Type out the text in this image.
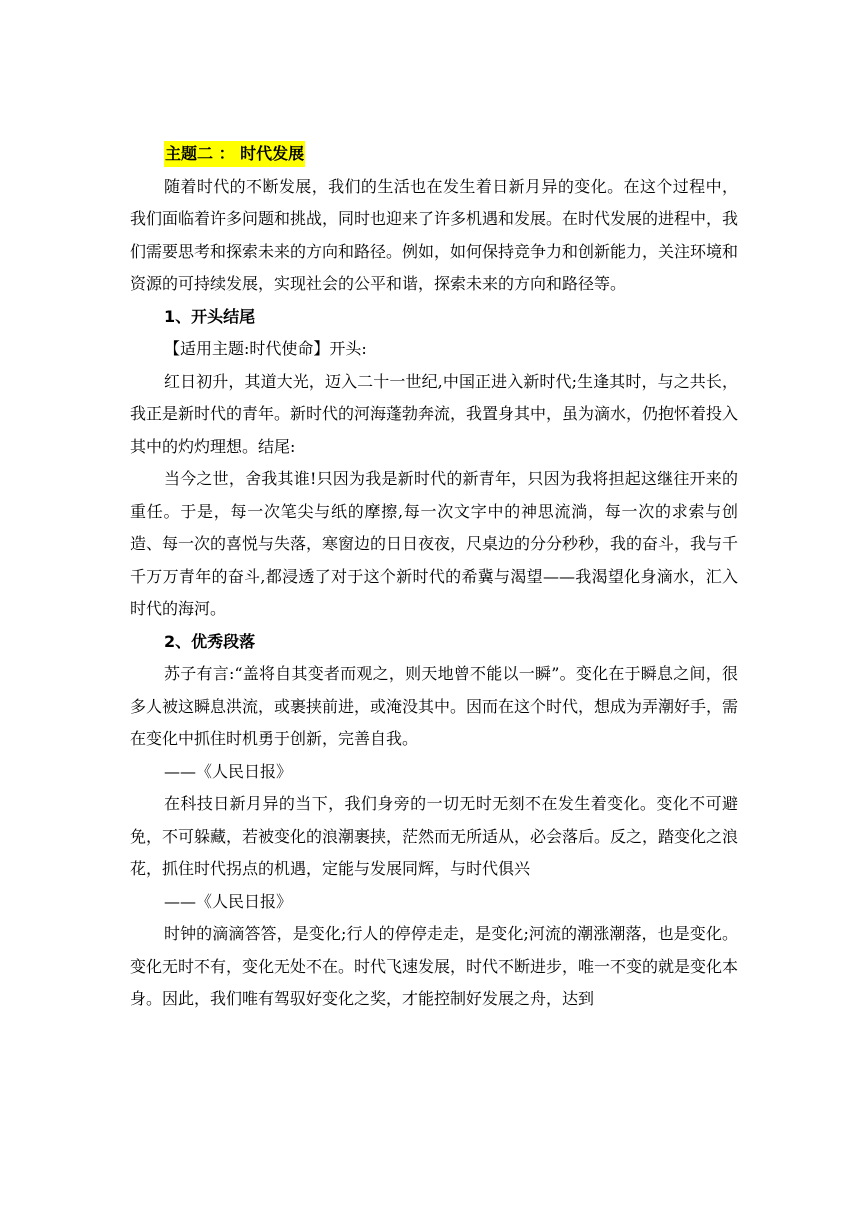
主题二 ： 时代发展

随着时代的不断发展，我们的生活也在发生着日新月异的变化。在这个过程中，我们面临着许多问题和挑战，同时也迎来了许多机遇和发展。在时代发展的进程中，我们需要思考和探索未来的方向和路径。例如，如何保持竞争力和创新能力，关注环境和资源的可持续发展，实现社会的公平和谐，探索未来的方向和路径等。

1、开头结尾

【适用主题:时代使命】开头:

红日初升，其道大光，迈入二十一世纪,中国正进入新时代;生逢其时，与之共长，我正是新时代的青年。新时代的河海蓬勃奔流，我置身其中，虽为滴水，仍抱怀着投入其中的灼灼理想。结尾:

当今之世，舍我其谁!只因为我是新时代的新青年，只因为我将担起这继往开来的重任。于是，每一次笔尖与纸的摩擦,每一次文字中的神思流淌，每一次的求索与创造、每一次的喜悦与失落，寒窗边的日日夜夜，尺桌边的分分秒秒，我的奋斗，我与千千万万青年的奋斗,都浸透了对于这个新时代的希冀与渴望——我渴望化身滴水，汇入时代的海河。

2、优秀段落

苏子有言:“盖将自其变者而观之，则天地曾不能以一瞬”。变化在于瞬息之间，很多人被这瞬息洪流，或裹挟前进，或淹没其中。因而在这个时代，想成为弄潮好手，需在变化中抓住时机勇于创新，完善自我。

——《人民日报》

在科技日新月异的当下，我们身旁的一切无时无刻不在发生着变化。变化不可避免，不可躲藏，若被变化的浪潮裹挟，茫然而无所适从，必会落后。反之，踏变化之浪花，抓住时代拐点的机遇，定能与发展同辉，与时代俱兴

——《人民日报》

时钟的滴滴答答，是变化;行人的停停走走，是变化;河流的潮涨潮落，也是变化。变化无时不有，变化无处不在。时代飞速发展，时代不断进步，唯一不变的就是变化本身。因此，我们唯有驾驭好变化之奖，才能控制好发展之舟，达到
